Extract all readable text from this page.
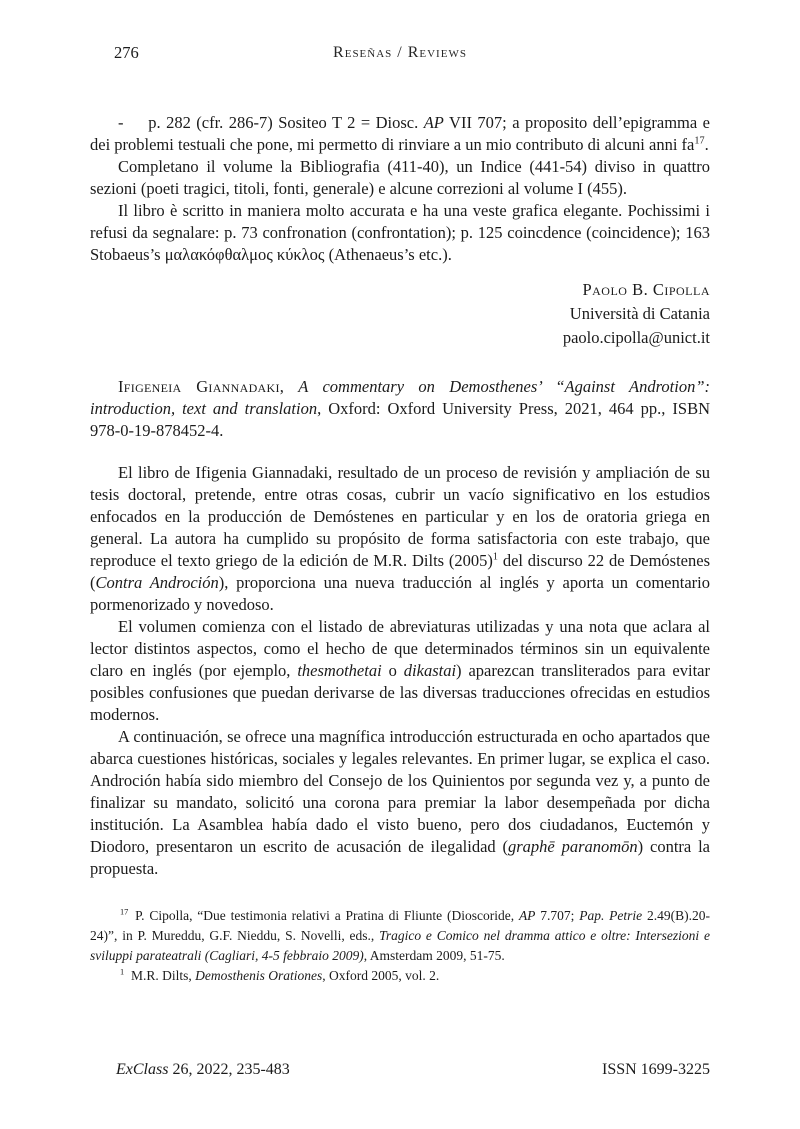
276	Reseñas / Reviews

-   p. 282 (cfr. 286-7) Sositeo T 2 = Diosc. AP VII 707; a proposito dell’epigramma e dei problemi testuali che pone, mi permetto di rinviare a un mio contributo di alcuni anni $fa^{17}$.

Completano il volume la Bibliografia (411-40), un Indice (441-54) diviso in quattro sezioni (poeti tragici, titoli, fonti, generale) e alcune correzioni al volume I (455).

Il libro è scritto in maniera molto accurata e ha una veste grafica elegante. Pochissimi i refusi da segnalare: p. 73 confronation (confrontation); p. 125 coincdence (coincidence); 163 Stobaeus’s μαλακόφθαλμος κύκλος (Athenaeus’s etc.).

Paolo B. Cipolla
Università di Catania
paolo.cipolla@unict.it

Ifigeneia Giannadaki, A commentary on Demosthenes’ “Against Androtion”: introduction, text and translation, Oxford: Oxford University Press, 2021, 464 pp., ISBN 978-0-19-878452-4.

El libro de Ifigenia Giannadaki, resultado de un proceso de revisión y ampliación de su tesis doctoral, pretende, entre otras cosas, cubrir un vacío significativo en los estudios enfocados en la producción de Demóstenes en particular y en los de oratoria griega en general. La autora ha cumplido su propósito de forma satisfactoria con este trabajo, que reproduce el texto griego de la edición de M.R. Dilts $(2005)^1$ del discurso 22 de Demóstenes (Contra Androción), proporciona una nueva traducción al inglés y aporta un comentario pormenorizado y novedoso.

El volumen comienza con el listado de abreviaturas utilizadas y una nota que aclara al lector distintos aspectos, como el hecho de que determinados términos sin un equivalente claro en inglés (por ejemplo, thesmothetai o dikastai) aparezcan transliterados para evitar posibles confusiones que puedan derivarse de las diversas traducciones ofrecidas en estudios modernos.

A continuación, se ofrece una magnífica introducción estructurada en ocho apartados que abarca cuestiones históricas, sociales y legales relevantes. En primer lugar, se explica el caso. Androción había sido miembro del Consejo de los Quinientos por segunda vez y, a punto de finalizar su mandato, solicitó una corona para premiar la labor desempeñada por dicha institución. La Asamblea había dado el visto bueno, pero dos ciudadanos, Euctemón y Diodoro, presentaron un escrito de acusación de ilegalidad (graphē paranomōn) contra la propuesta.

$^{17}$ P. Cipolla, “Due testimonia relativi a Pratina di Fliunte (Dioscoride, AP 7.707; Pap. Petrie 2.49(B).20-24)”, in P. Mureddu, G.F. Nieddu, S. Novelli, eds., Tragico e Comico nel dramma attico e oltre: Intersezioni e sviluppi parateatrali (Cagliari, 4-5 febbraio 2009), Amsterdam 2009, 51-75.

$^1$ M.R. Dilts, Demosthenis Orationes, Oxford 2005, vol. 2.

ExClass 26, 2022, 235-483	ISSN 1699-3225
